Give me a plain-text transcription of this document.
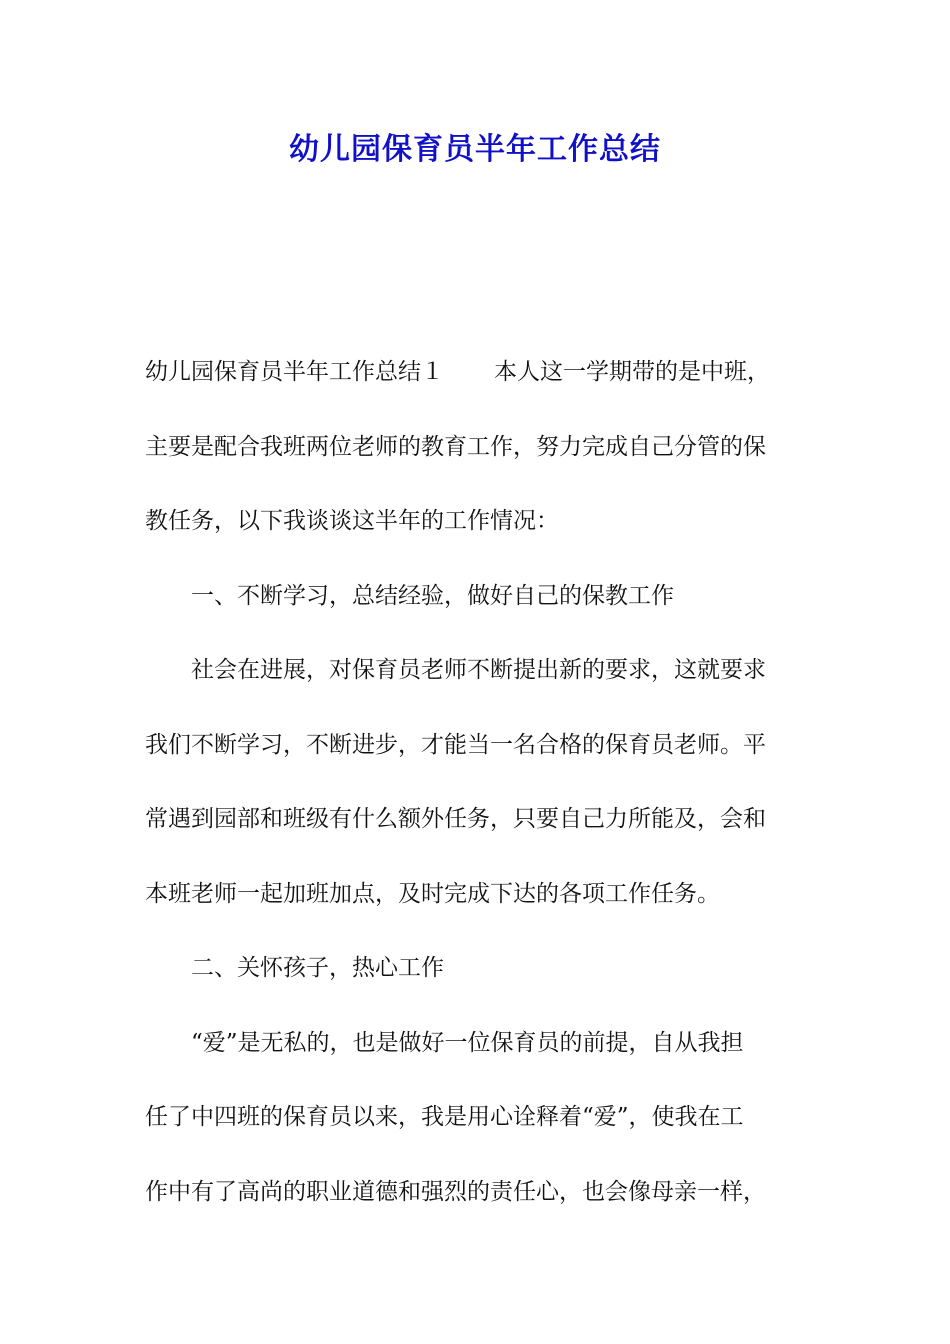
幼儿园保育员半年工作总结
幼儿园保育员半年工作总结１ 本人这一学期带的是中班，
主要是配合我班两位老师的教育工作，努力完成自己分管的保
教任务，以下我谈谈这半年的工作情况：
一、不断学习，总结经验，做好自己的保教工作
社会在进展，对保育员老师不断提出新的要求，这就要求
我们不断学习，不断进步，才能当一名合格的保育员老师。平
常遇到园部和班级有什么额外任务，只要自己力所能及，会和
本班老师一起加班加点，及时完成下达的各项工作任务。
二、关怀孩子，热心工作
“爱”是无私的，也是做好一位保育员的前提，自从我担
任了中四班的保育员以来，我是用心诠释着“爱”，使我在工
作中有了高尚的职业道德和强烈的责任心，也会像母亲一样，
